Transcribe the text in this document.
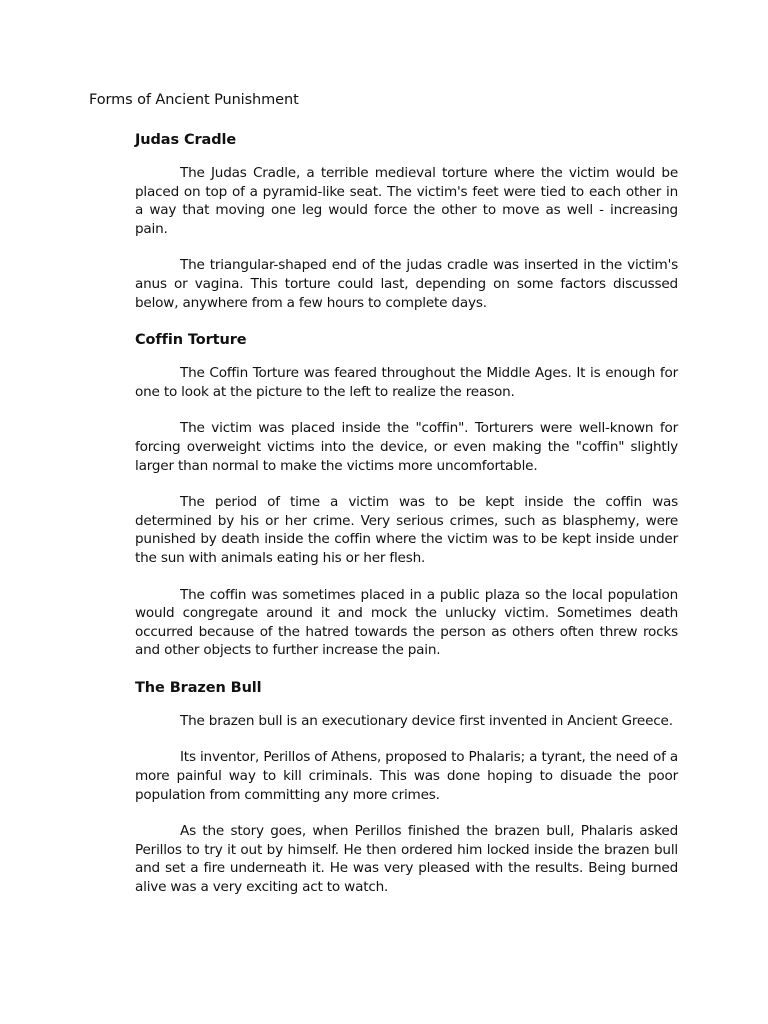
Forms of Ancient Punishment
Judas Cradle

The Judas Cradle, a terrible medieval torture where the victim would be placed on top of a pyramid-like seat. The victim's feet were tied to each other in a way that moving one leg would force the other to move as well - increasing pain.

The triangular-shaped end of the judas cradle was inserted in the victim's anus or vagina. This torture could last, depending on some factors discussed below, anywhere from a few hours to complete days.

Coffin Torture

The Coffin Torture was feared throughout the Middle Ages. It is enough for one to look at the picture to the left to realize the reason.

The victim was placed inside the "coffin". Torturers were well-known for forcing overweight victims into the device, or even making the "coffin" slightly larger than normal to make the victims more uncomfortable.

The period of time a victim was to be kept inside the coffin was determined by his or her crime. Very serious crimes, such as blasphemy, were punished by death inside the coffin where the victim was to be kept inside under the sun with animals eating his or her flesh.

The coffin was sometimes placed in a public plaza so the local population would congregate around it and mock the unlucky victim. Sometimes death occurred because of the hatred towards the person as others often threw rocks and other objects to further increase the pain.

The Brazen Bull

The brazen bull is an executionary device first invented in Ancient Greece.

Its inventor, Perillos of Athens, proposed to Phalaris; a tyrant, the need of a more painful way to kill criminals. This was done hoping to disuade the poor population from committing any more crimes.

As the story goes, when Perillos finished the brazen bull, Phalaris asked Perillos to try it out by himself. He then ordered him locked inside the brazen bull and set a fire underneath it. He was very pleased with the results. Being burned alive was a very exciting act to watch.
